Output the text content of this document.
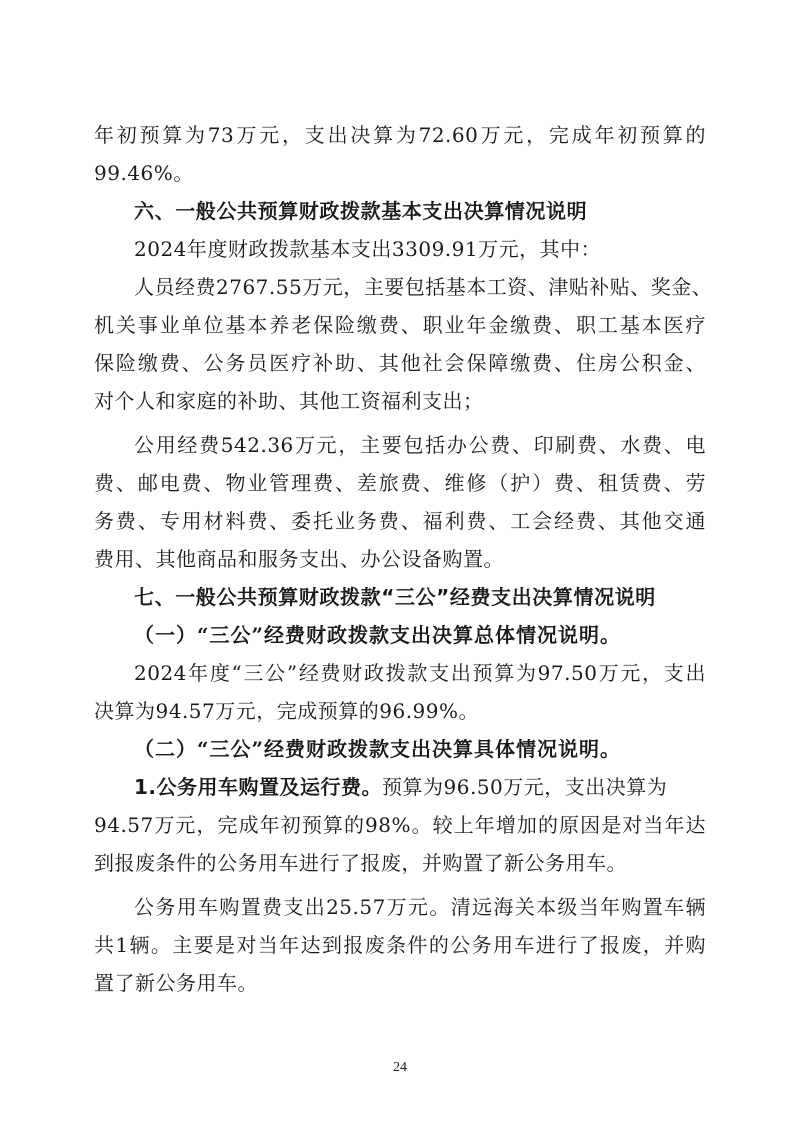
年初预算为73万元，支出决算为72.60万元，完成年初预算的
99.46%。
六、一般公共预算财政拨款基本支出决算情况说明
2024年度财政拨款基本支出3309.91万元，其中：
人员经费2767.55万元，主要包括基本工资、津贴补贴、奖金、
机关事业单位基本养老保险缴费、职业年金缴费、职工基本医疗
保险缴费、公务员医疗补助、其他社会保障缴费、住房公积金、
对个人和家庭的补助、其他工资福利支出；
公用经费542.36万元，主要包括办公费、印刷费、水费、电
费、邮电费、物业管理费、差旅费、维修（护）费、租赁费、劳
务费、专用材料费、委托业务费、福利费、工会经费、其他交通
费用、其他商品和服务支出、办公设备购置。
七、一般公共预算财政拨款“三公”经费支出决算情况说明
（一）“三公”经费财政拨款支出决算总体情况说明。
2024年度“三公”经费财政拨款支出预算为97.50万元，支出
决算为94.57万元，完成预算的96.99%。
（二）“三公”经费财政拨款支出决算具体情况说明。
1.公务用车购置及运行费。预算为96.50万元，支出决算为
94.57万元，完成年初预算的98%。较上年增加的原因是对当年达
到报废条件的公务用车进行了报废，并购置了新公务用车。
公务用车购置费支出25.57万元。清远海关本级当年购置车辆
共1辆。主要是对当年达到报废条件的公务用车进行了报废，并购
置了新公务用车。
24
